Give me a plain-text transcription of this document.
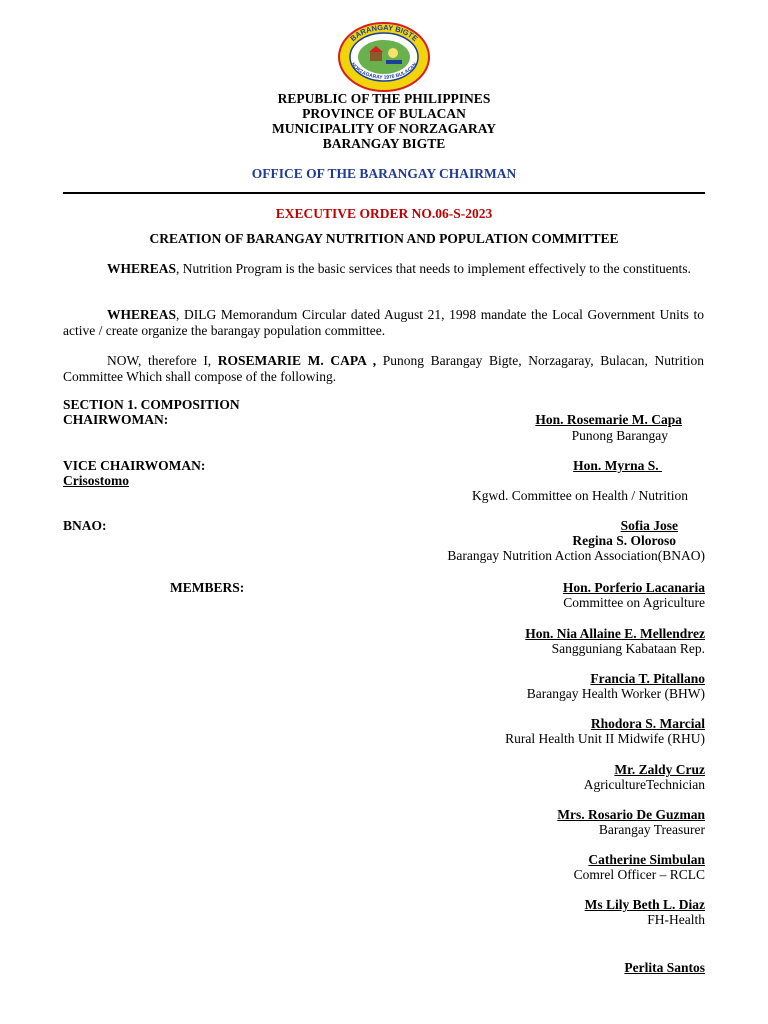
BARANGAY BIGTE
NORZAGARAY 1976 BULACAN
REPUBLIC OF THE PHILIPPINES
PROVINCE OF BULACAN
MUNICIPALITY OF NORZAGARAY
BARANGAY BIGTE
OFFICE OF THE BARANGAY CHAIRMAN
EXECUTIVE ORDER NO.06-S-2023
CREATION OF BARANGAY NUTRITION AND POPULATION COMMITTEE
WHEREAS, Nutrition Program is the basic services that needs to implement effectively to the constituents.
WHEREAS, DILG Memorandum Circular dated August 21, 1998 mandate the Local Government Units to active / create organize the barangay population committee.
NOW, therefore I, ROSEMARIE M. CAPA , Punong Barangay Bigte, Norzagaray, Bulacan, Nutrition Committee Which shall compose of the following.
SECTION 1. COMPOSITION
CHAIRWOMAN:	Hon. Rosemarie M. Capa
Punong Barangay
VICE CHAIRWOMAN:	Hon. Myrna S.
Crisostomo
Kgwd. Committee on Health / Nutrition
BNAO:	Sofia Jose
Regina S. Oloroso
Barangay Nutrition Action Association(BNAO)
MEMBERS:	Hon. Porferio Lacanaria
Committee on Agriculture
Hon. Nia Allaine E. Mellendrez
Sangguniang Kabataan Rep.
Francia T. Pitallano
Barangay Health Worker (BHW)
Rhodora S. Marcial
Rural Health Unit II Midwife (RHU)
Mr. Zaldy Cruz
AgricultureTechnician
Mrs. Rosario De Guzman
Barangay Treasurer
Catherine Simbulan
Comrel Officer – RCLC
Ms Lily Beth L. Diaz
FH-Health
Perlita Santos
